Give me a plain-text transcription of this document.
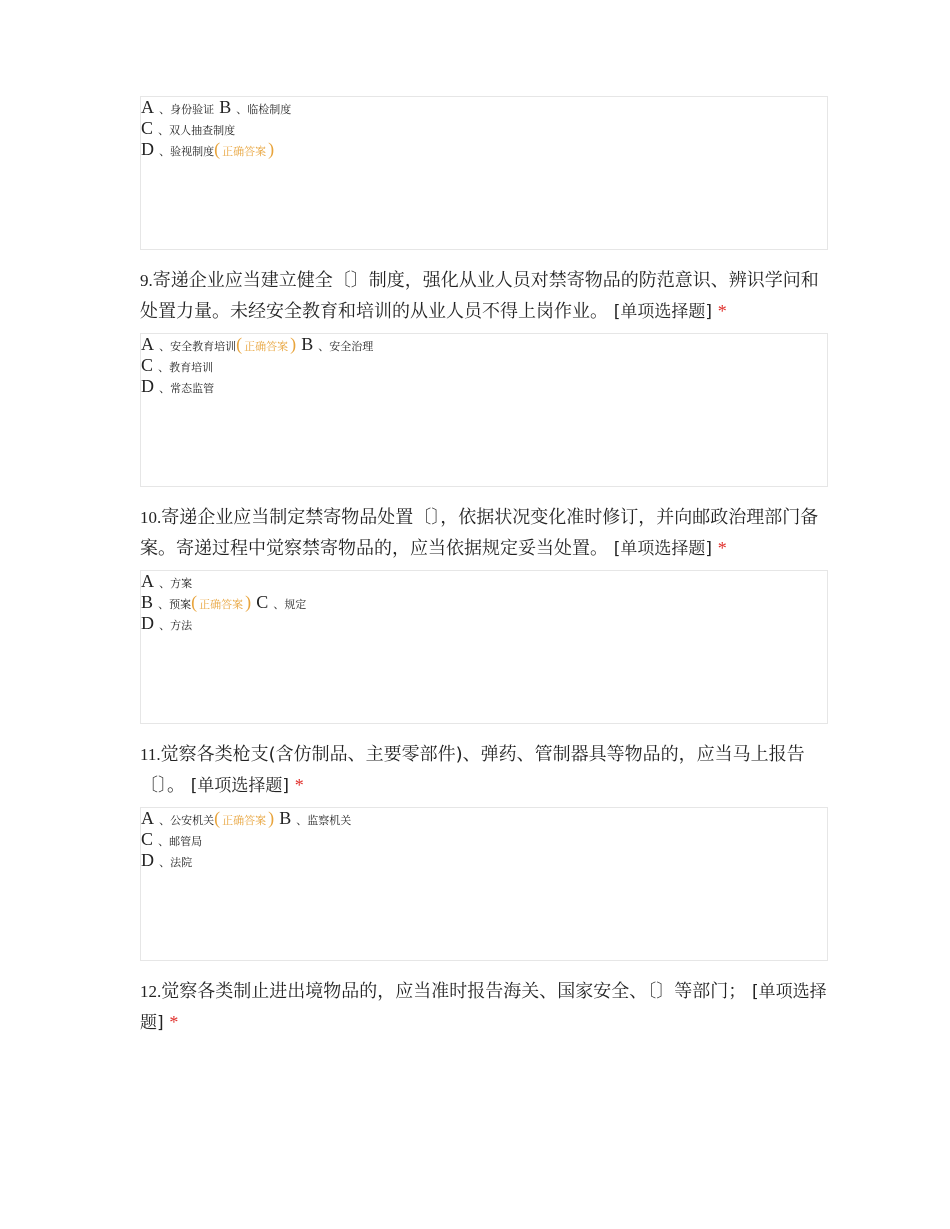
A 、身份验证 B 、临检制度
C 、双人抽查制度
D 、验视制度( 正确答案 )
9.寄递企业应当建立健全〔〕制度，强化从业人员对禁寄物品的防范意识、辨识学问和处置力量。未经安全教育和培训的从业人员不得上岗作业。 [单项选择题] *
A 、安全教育培训( 正确答案 ) B 、安全治理
C 、教育培训
D 、常态监管
10.寄递企业应当制定禁寄物品处置〔〕，依据状况变化准时修订，并向邮政治理部门备案。寄递过程中觉察禁寄物品的，应当依据规定妥当处置。 [单项选择题] *
A 、方案
B 、预案( 正确答案 ) C 、规定
D 、方法
11.觉察各类枪支(含仿制品、主要零部件)、弹药、管制器具等物品的，应当马上报告〔〕。 [单项选择题] *
A 、公安机关( 正确答案 ) B 、监察机关
C 、邮管局
D 、法院
12.觉察各类制止进出境物品的，应当准时报告海关、国家安全、〔〕等部门； [单项选择题] *
